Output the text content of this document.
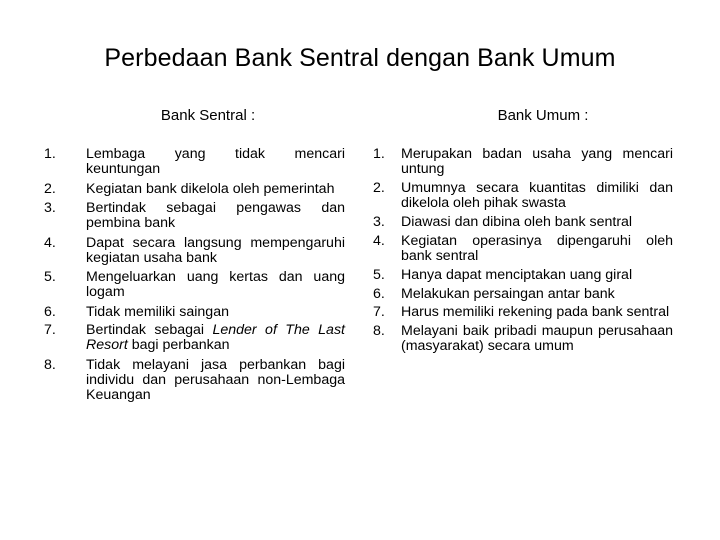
Perbedaan Bank Sentral dengan Bank Umum
Bank Sentral :	Bank Umum :
1. Lembaga yang tidak mencari keuntungan
2. Kegiatan bank dikelola oleh pemerintah
3. Bertindak sebagai pengawas dan pembina bank
4. Dapat secara langsung mempengaruhi kegiatan usaha bank
5. Mengeluarkan uang kertas dan uang logam
6. Tidak memiliki saingan
7. Bertindak sebagai Lender of The Last Resort bagi perbankan
8. Tidak melayani jasa perbankan bagi individu dan perusahaan non-Lembaga Keuangan
1. Merupakan badan usaha yang mencari untung
2. Umumnya secara kuantitas dimiliki dan dikelola oleh pihak swasta
3. Diawasi dan dibina oleh bank sentral
4. Kegiatan operasinya dipengaruhi oleh bank sentral
5. Hanya dapat menciptakan uang giral
6. Melakukan persaingan antar bank
7. Harus memiliki rekening pada bank sentral
8. Melayani baik pribadi maupun perusahaan (masyarakat) secara umum
